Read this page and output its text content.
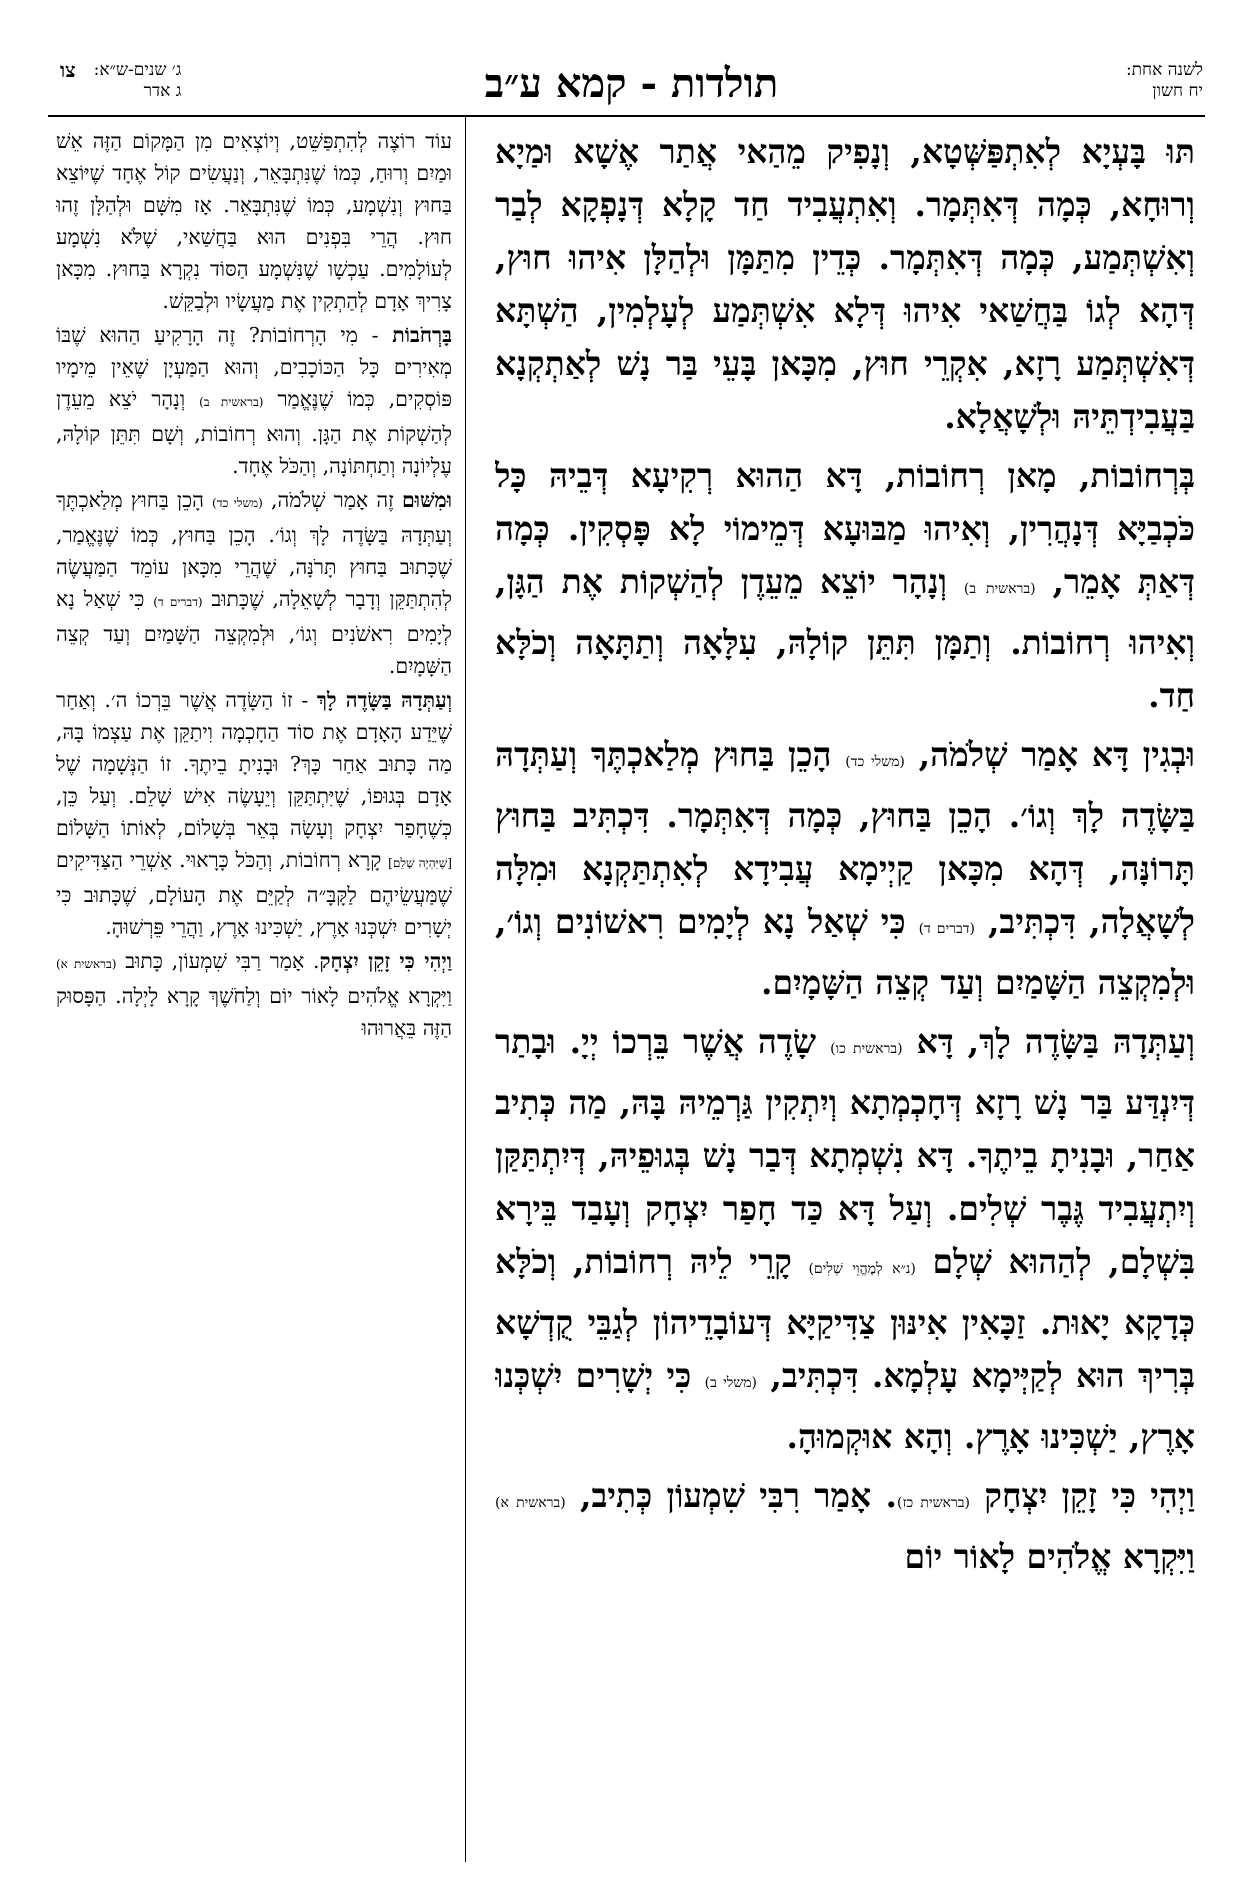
לשנה אחת:
יח חשון
תולדות - קמא ע״ב
ג׳ שנים-ש״א:
צו
ג אדר

תּוּ בָּעְיָא לְאִתְפַּשְּׁטָא, וְנָפִיק מֵהַאי אֲתַר אֶשָׁא וּמַיָא וְרוּחָא, כְּמָה דְּאִתְּמָר. וְאִתְעֲבִיד חַד קָלָא דְּנָפְקָא לְבַר וְאִשְׁתְּמַע, כְּמָה דְּאִתְּמָר. כְּדֵין מִתַּמָּן וּלְהַלָּן אִיהוּ חוּץ, דְּהָא לְגוֹ בַּחֲשַׁאי אִיהוּ דְּלָא אִשְׁתְּמַע לְעָלְמִין, הַשְׁתָּא דְּאִשְׁתְּמַע רָזָא, אִקְרֵי חוּץ, מִכָּאן בָּעֵי בַּר נָשׁ לְאַתְקְנָא בַּעֲבִידְתֵּיהּ וּלְשָׁאֲלָא.

בְּרְחוֹבוֹת, מָאן רְחוֹבוֹת, דָּא הַהוּא רְקִיעָא דְּבֵיהּ כָּל כֹּכְבַיָּא דְּנָהֲרִין, וְאִיהוּ מַבּוּעָא דְּמֵימוֹי לָא פָּסְקִין. כְּמָה דְּאַתְּ אָמֵר, (בראשית ב) וְנָהָר יוֹצֵא מֵעֵדֶן לְהַשְׁקוֹת אֶת הַגָּן, וְאִיהוּ רְחוֹבוֹת. וְתַמָּן תִּתֵּן קוֹלָהּ, עִלָּאָה וְתַתָּאָה וְכֹלָּא חַד.

וּבְגִין דָּא אָמַר שְׁלֹמֹה, (משלי כד) הָכֵן בַּחוּץ מְלַאכְתֶּךָ וְעַתְּדָהּ בַּשָּׂדֶה לָךְ וְגוֹ׳. הָכֵן בַּחוּץ, כְּמָה דְּאִתְּמָר. דִּכְתִּיב בַּחוּץ תָּרוֹנָּה, דְּהָא מִכָּאן קַיְימָא עֲבִידָא לְאִתְתַּקְנָא וּמִלָּה לְשָׁאֲלָה, דִּכְתִּיב, (דברים ד) כִּי שְׁאַל נָא לְיָמִים רִאשׁוֹנִים וְגוֹ׳, וּלְמִקְצֵה הַשָּׁמַיִם וְעַד קְצֵה הַשָּׁמָיִם.

וְעַתְּדָהּ בַּשָּׂדֶה לָךְ, דָּא (בראשית כו) שָׂדֶה אֲשֶׁר בֵּרְכוֹ יְיָ. וּבָתַר דְּיִנְדַּע בַּר נָשׁ רָזָא דְּחָכְמְתָא וְיִתְקִין גַּרְמֵיהּ בָּהּ, מַה כְּתִיב אַחַר, וּבָנִיתָ בֵיתֶךָ. דָּא נִשְׁמְתָא דְּבַר נָשׁ בְּגוּפֵיהּ, דְּיִתְתַּקַּן וְיִתְעֲבִיד גֶּבֶר שְׁלִים. וְעַל דָּא כַּד חָפַר יִצְחָק וְעָבַד בֵּירָא בִּשְׁלָם, לְהַהוּא שְׁלָם (נ״א לְמֶהֱוֵי שְׁלִים) קָרֵי לֵיהּ רְחוֹבוֹת, וְכֹלָּא כְּדָקָא יָאוּת. זַכָּאִין אִינּוּן צַדִּיקַיָּא דְּעוֹבָדֵיהוֹן לְגַבֵּי קֻדְשָׁא בְּרִיךְ הוּא לְקַיְּימָא עָלְמָא. דִּכְתִּיב, (משלי ב) כִּי יְשָׁרִים יִשְׁכְּנוּ אָרֶץ, יַשְׁכִּינוּ אָרֶץ. וְהָא אוּקְמוּהָ.

וַיְהִי כִּי זָקֵן יִצְחָק (בראשית כז). אָמַר רִבִּי שִׁמְעוֹן כְּתִיב, (בראשית א) וַיִּקְרָא אֱלֹהִים לָאוֹר יוֹם

עוֹד רוֹצֶה לְהִתְפַּשֵּׁט, וְיוֹצְאִים מִן הַמָּקוֹם הַזֶּה אֵשׁ וּמַיִם וְרוּחַ, כְּמוֹ שֶׁנִּתְבָּאֵר, וְנַעֲשִׂים קוֹל אֶחָד שֶׁיּוֹצֵא בַּחוּץ וְנִשְׁמָע, כְּמוֹ שֶׁנִּתְבָּאֵר. אָז מִשָּׁם וּלְהַלָּן זֶהוּ חוּץ. הֲרֵי בִּפְנִים הוּא בַּחֲשַׁאי, שֶׁלֹּא נִשְׁמָע לְעוֹלָמִים. עַכְשָׁו שֶׁנִּשְׁמָע הַסּוֹד נִקְרָא בַּחוּץ. מִכָּאן צָרִיךְ אָדָם לְהַתְקִין אֶת מַעֲשָׂיו וּלְבַקֵּשׁ.

בָּרְחֹבוֹת - מִי הָרְחוֹבוֹת? זֶה הָרָקִיעַ הַהוּא שֶׁבּוֹ מְאִירִים כָּל הַכּוֹכָבִים, וְהוּא הַמַּעְיָן שֶׁאֵין מֵימָיו פּוֹסְקִים, כְּמוֹ שֶׁנֶּאֱמַר (בראשית ב) וְנָהָר יֹצֵא מֵעֵדֶן לְהַשְׁקוֹת אֶת הַגָּן. וְהוּא רְחוֹבוֹת, וְשָׁם תִּתֵּן קוֹלָהּ, עֶלְיוֹנָה וְתַחְתּוֹנָה, וְהַכֹּל אֶחָד.

וּמִשּׁוּם זֶה אָמַר שְׁלֹמֹה, (משלי כד) הָכֵן בַּחוּץ מְלַאכְתֶּךָ וְעַתְּדָהּ בַּשָּׂדֶה לָךְ וְגוֹ׳. הָכֵן בַּחוּץ, כְּמוֹ שֶׁנֶּאֱמַר, שֶׁכָּתוּב בַּחוּץ תָּרֹנָּה, שֶׁהֲרֵי מִכָּאן עוֹמֵד הַמַּעֲשֶׂה לְהִתְתַּקֵּן וְדָבָר לְשָׁאֵלָה, שֶׁכָּתוּב (דברים ד) כִּי שְׁאַל נָא לְיָמִים רִאשֹׁנִים וְגוֹ׳, וּלְמִקְצֵה הַשָּׁמַיִם וְעַד קְצֵה הַשָּׁמָיִם.

וְעַתְּדָהּ בַּשָּׂדֶה לָךְ - זוֹ הַשָּׂדֶה אֲשֶׁר בֵּרְכוֹ ה׳. וְאַחַר שֶׁיֵּדַע הָאָדָם אֶת סוֹד הַחָכְמָה וִיתַקֵּן אֶת עַצְמוֹ בָּהּ, מַה כָּתוּב אַחַר כָּךְ? וּבָנִיתָ בֵיתֶךָ. זוֹ הַנְּשָׁמָה שֶׁל אָדָם בְּגוּפוֹ, שֶׁיִּתְתַּקֵּן וְיֵעָשֶׂה אִישׁ שָׁלֵם. וְעַל כֵּן, כְּשֶׁחָפַר יִצְחָק וְעָשָׂה בְּאֵר בְּשָׁלוֹם, לְאוֹתוֹ הַשָּׁלוֹם [שֶׁיִּהְיֶה שָׁלֵם] קָרָא רְחוֹבוֹת, וְהַכֹּל כָּרָאוּי. אַשְׁרֵי הַצַּדִּיקִים שֶׁמַּעֲשֵׂיהֶם לַקָּבָּ״ה לְקַיֵּם אֶת הָעוֹלָם, שֶׁכָּתוּב כִּי יְשָׁרִים יִשְׁכְּנוּ אָרֶץ, יַשְׁכִּינוּ אָרֶץ, וַהֲרֵי פֵּרְשׁוּהָ.

וַיְהִי כִּי זָקֵן יִצְחָק. אָמַר רַבִּי שִׁמְעוֹן, כָּתוּב (בראשית א) וַיִּקְרָא אֱלֹהִים לָאוֹר יוֹם וְלַחֹשֶׁךְ קָרָא לָיְלָה. הַפָּסוּק הַזֶּה בֵּאֲרוּהוּ
